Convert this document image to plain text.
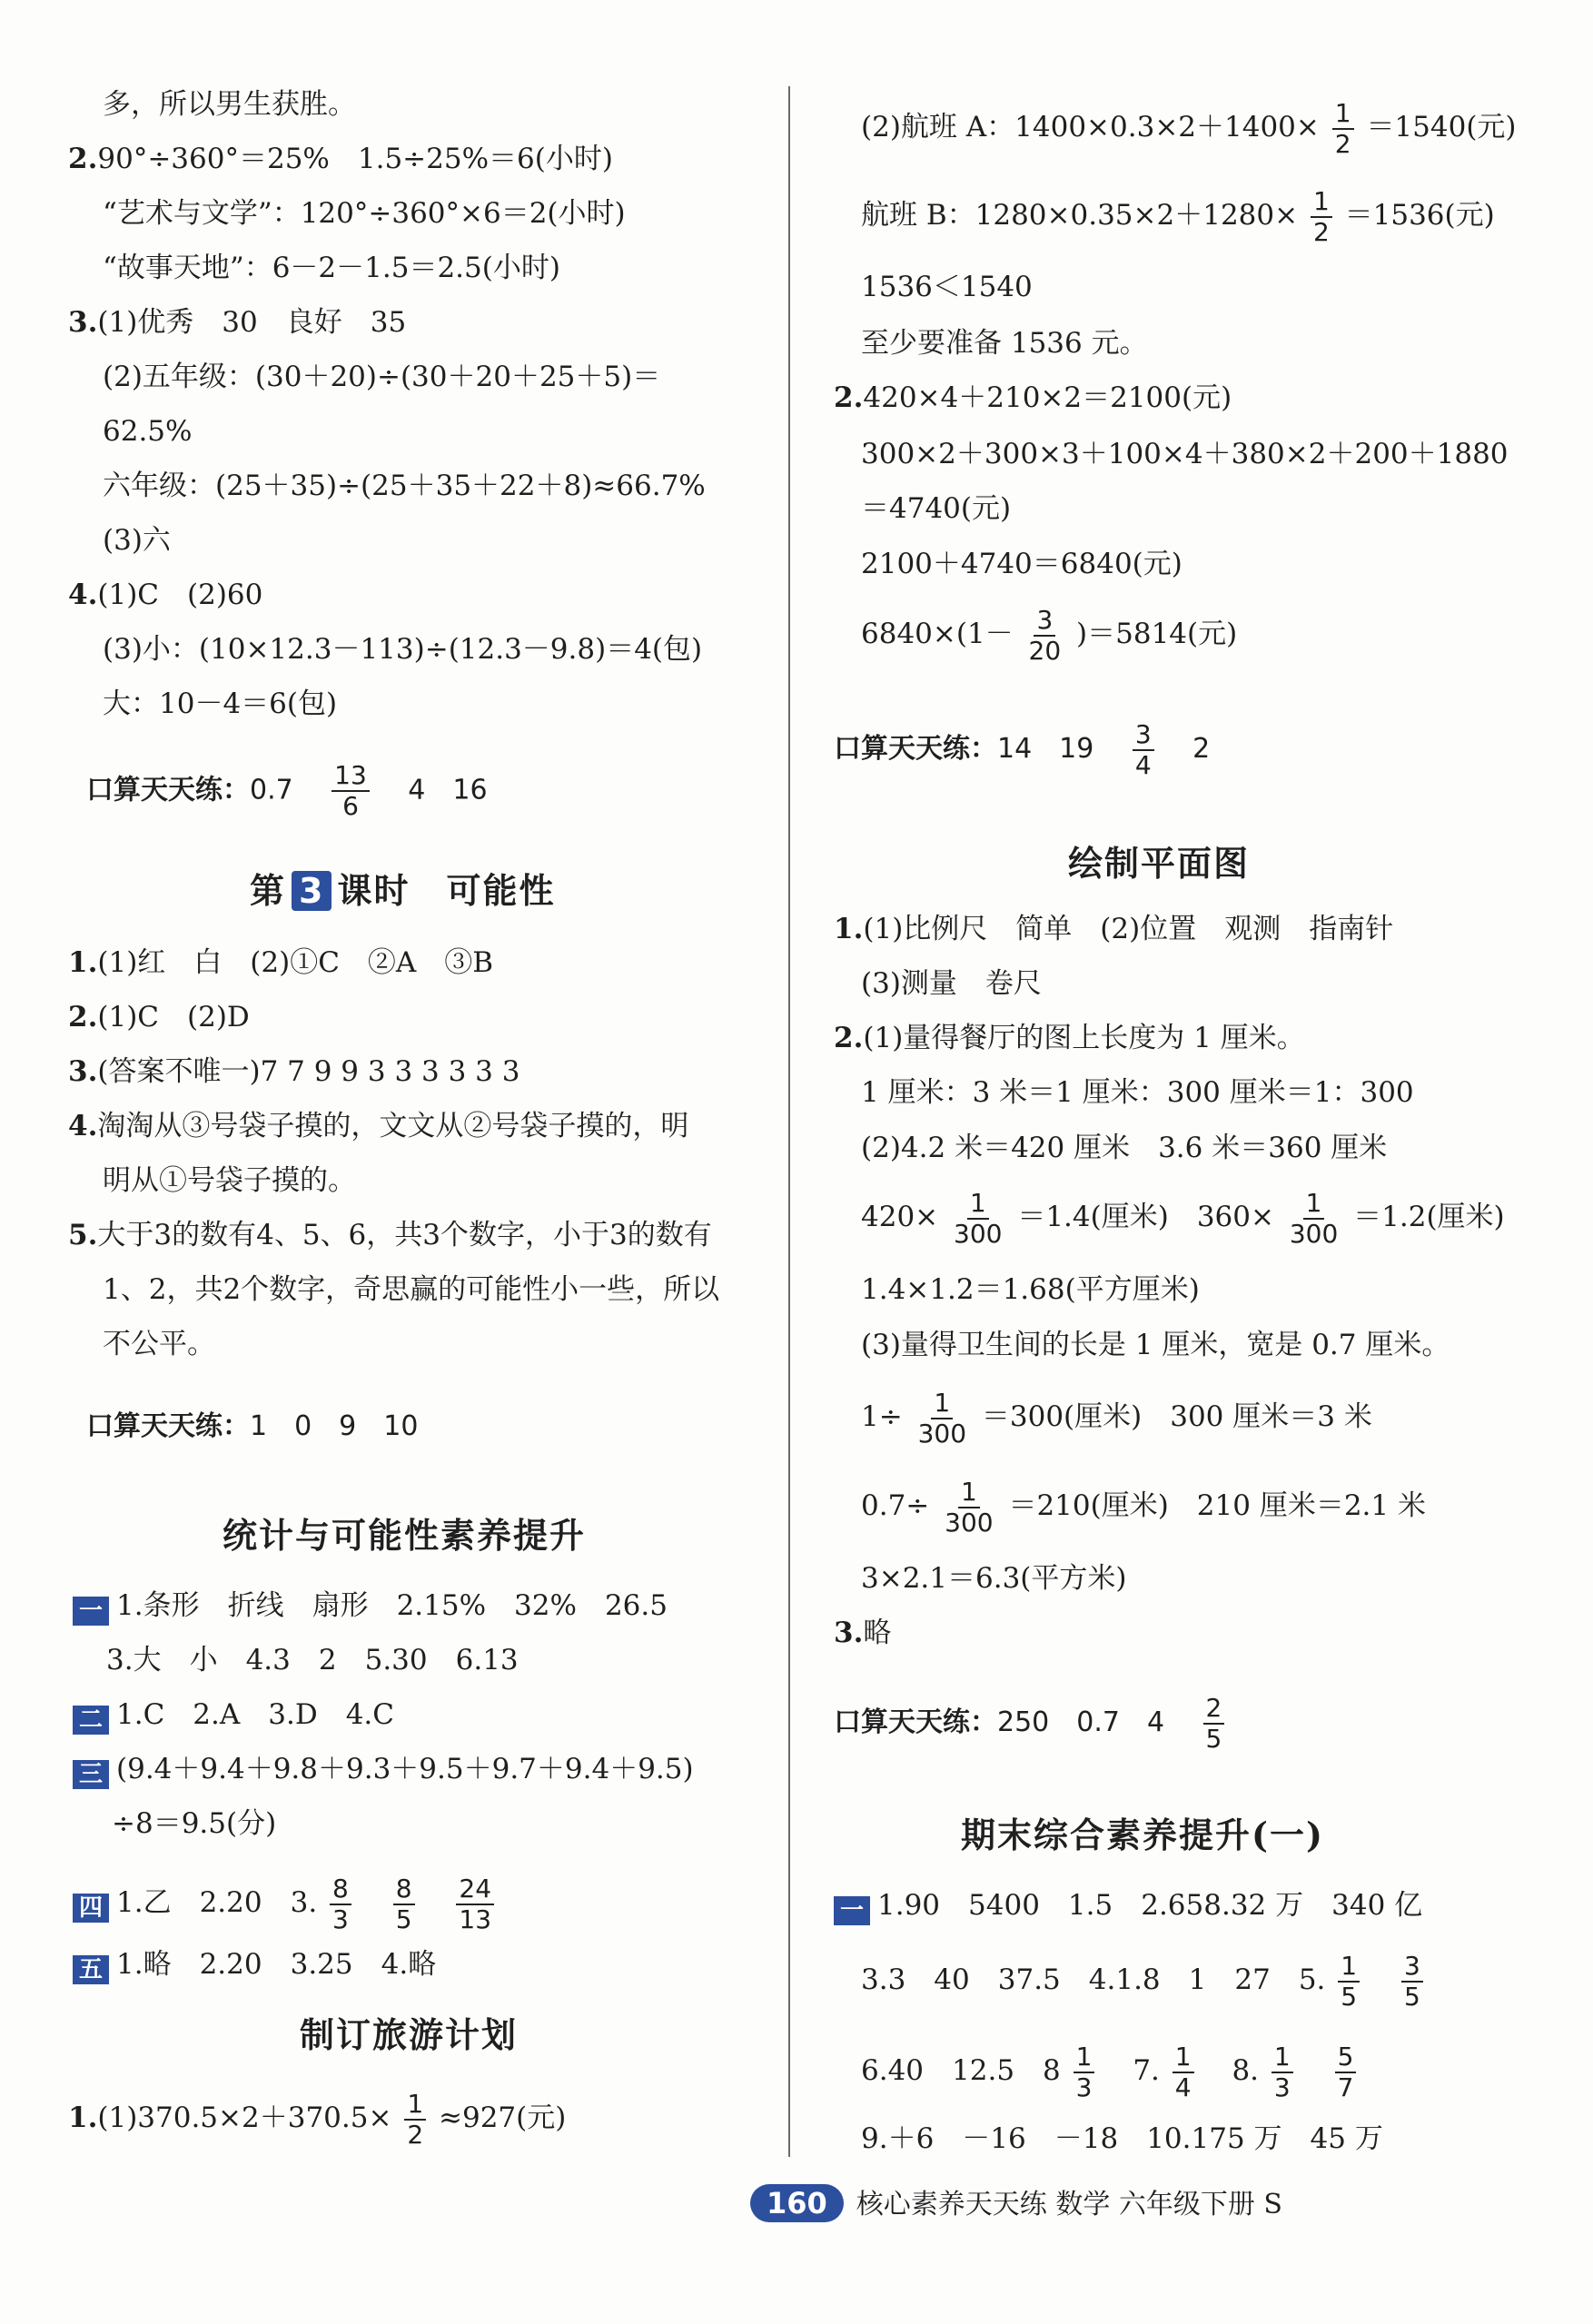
多，所以男生获胜。
2.90°÷360°＝25%　1.5÷25%＝6(小时)
“艺术与文学”：120°÷360°×6＝2(小时)
“故事天地”：6－2－1.5＝2.5(小时)
3.(1)优秀　30　良好　35
(2)五年级：(30＋20)÷(30＋20＋25＋5)＝
62.5%
六年级：(25＋35)÷(25＋35＋22＋8)≈66.7%
(3)六
4.(1)C　(2)60
(3)小：(10×12.3－113)÷(12.3－9.8)＝4(包)
大：10－4＝6(包)
口算天天练：$0.7 \frac{13}{6} 4$　16
第 3 课时　可能性
1.(1)红　白　(2)①C　②A　③B
2.(1)C　(2)D
3.(答案不唯一)7 7 9 9 3 3 3 3 3 3
4.淘淘从③号袋子摸的，文文从②号袋子摸的，明
明从①号袋子摸的。
5.大于3的数有4、5、6，共3个数字，小于3的数有
1、2，共2个数字，奇思赢的可能性小一些，所以
不公平。
口算天天练：1　0　9　10
统计与可能性素养提升
一 1.条形　折线　扇形　2.15%　32%　26.5
3.大　小　4.3　2　5.30　6.13
二 1.C　2.A　3.D　4.C
三 (9.4＋9.4＋9.8＋9.3＋9.5＋9.7＋9.4＋9.5)
÷8＝9.5(分)
四 1.乙　2.20　3. $\frac{8}{3}$
$\frac{8}{5}$
$\frac{24}{13}$
五 1.略　2.20　3.25　4.略
制订旅游计划
$1.(1)370.5\times 2+370.5\times \frac{1}{2} \approx 927$(元)
(2)航班 A：$1400\times 0.3\times 2+1400\times \frac{1}{2} =1540$(元)
航班 B：$1280\times 0.35\times 2+1280\times \frac{1}{2} =1536$(元)
1536＜1540
至少要准备 1536 元。
2.420×4＋210×2＝2100(元)
300×2＋300×3＋100×4＋380×2＋200＋1880
＝4740(元)
2100＋4740＝6840(元)
$6840\times(1- \frac{3}{20} )=5814$(元)
口算天天练：14　$19 \frac{3}{4} 2$
绘制平面图
1.(1)比例尺　简单　(2)位置　观测　指南针
(3)测量　卷尺
2.(1)量得餐厅的图上长度为 1 厘米。
1 厘米：3 米＝1 厘米：300 厘米＝1：300
(2)4.2 米＝420 厘米　3.6 米＝360 厘米
$420\times \frac{1}{300} =1.4$(厘米)　$360\times \frac{1}{300} =1.2$(厘米)
1.4×1.2＝1.68(平方厘米)
(3)量得卫生间的长是 1 厘米，宽是 0.7 厘米。
$1\div \frac{1}{300} =300$(厘米)　300 厘米＝3 米
$0.7\div \frac{1}{300} =210$(厘米)　210 厘米＝2.1 米
3×2.1＝6.3(平方米)
3.略
口算天天练：250　0.7　$4 \frac{2}{5}$
期末综合素养提升(一)
一 1.90　5400　1.5　2.658.32 万　340 亿
3.3　40　37.5　4.1.8　1　27　5. $\frac{1}{5}$
$\frac{3}{5}$
6.40　12.5　$8 \frac{1}{3} 7$. $\frac{1}{4} 8$. $\frac{1}{3}$
$\frac{5}{7}$
9.＋6　－16　－18　10.175 万　45 万
160 核心素养天天练 数学 六年级下册 S
